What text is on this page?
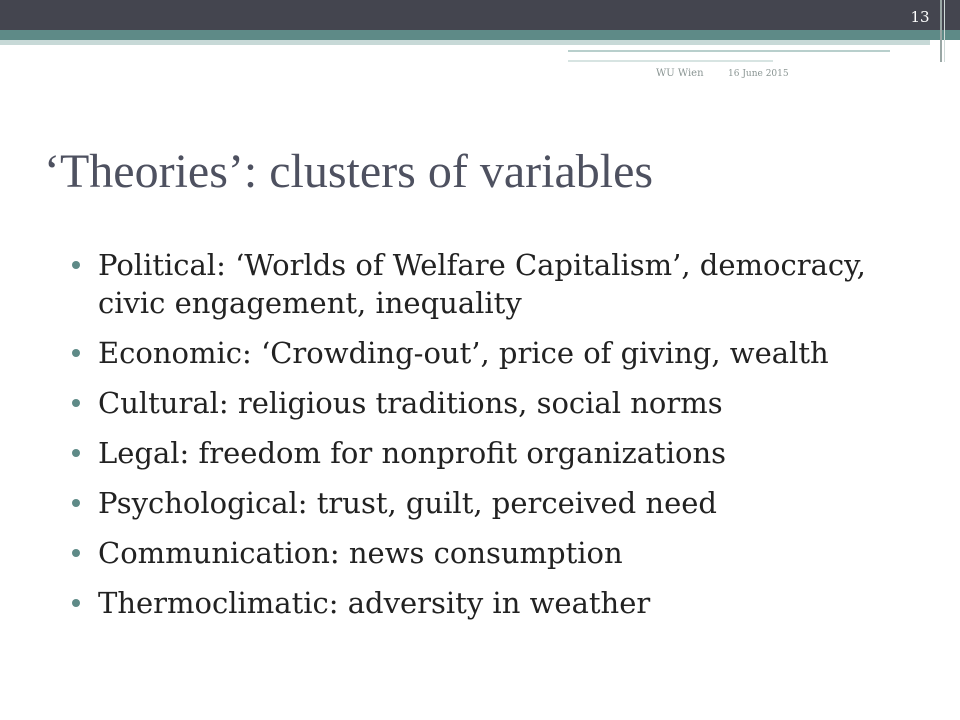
13
WU Wien	16 June 2015
‘Theories’: clusters of variables
Political: ‘Worlds of Welfare Capitalism’, democracy, civic engagement, inequality
Economic: ‘Crowding-out’, price of giving, wealth
Cultural: religious traditions, social norms
Legal: freedom for nonprofit organizations
Psychological: trust, guilt, perceived need
Communication: news consumption
Thermoclimatic: adversity in weather
